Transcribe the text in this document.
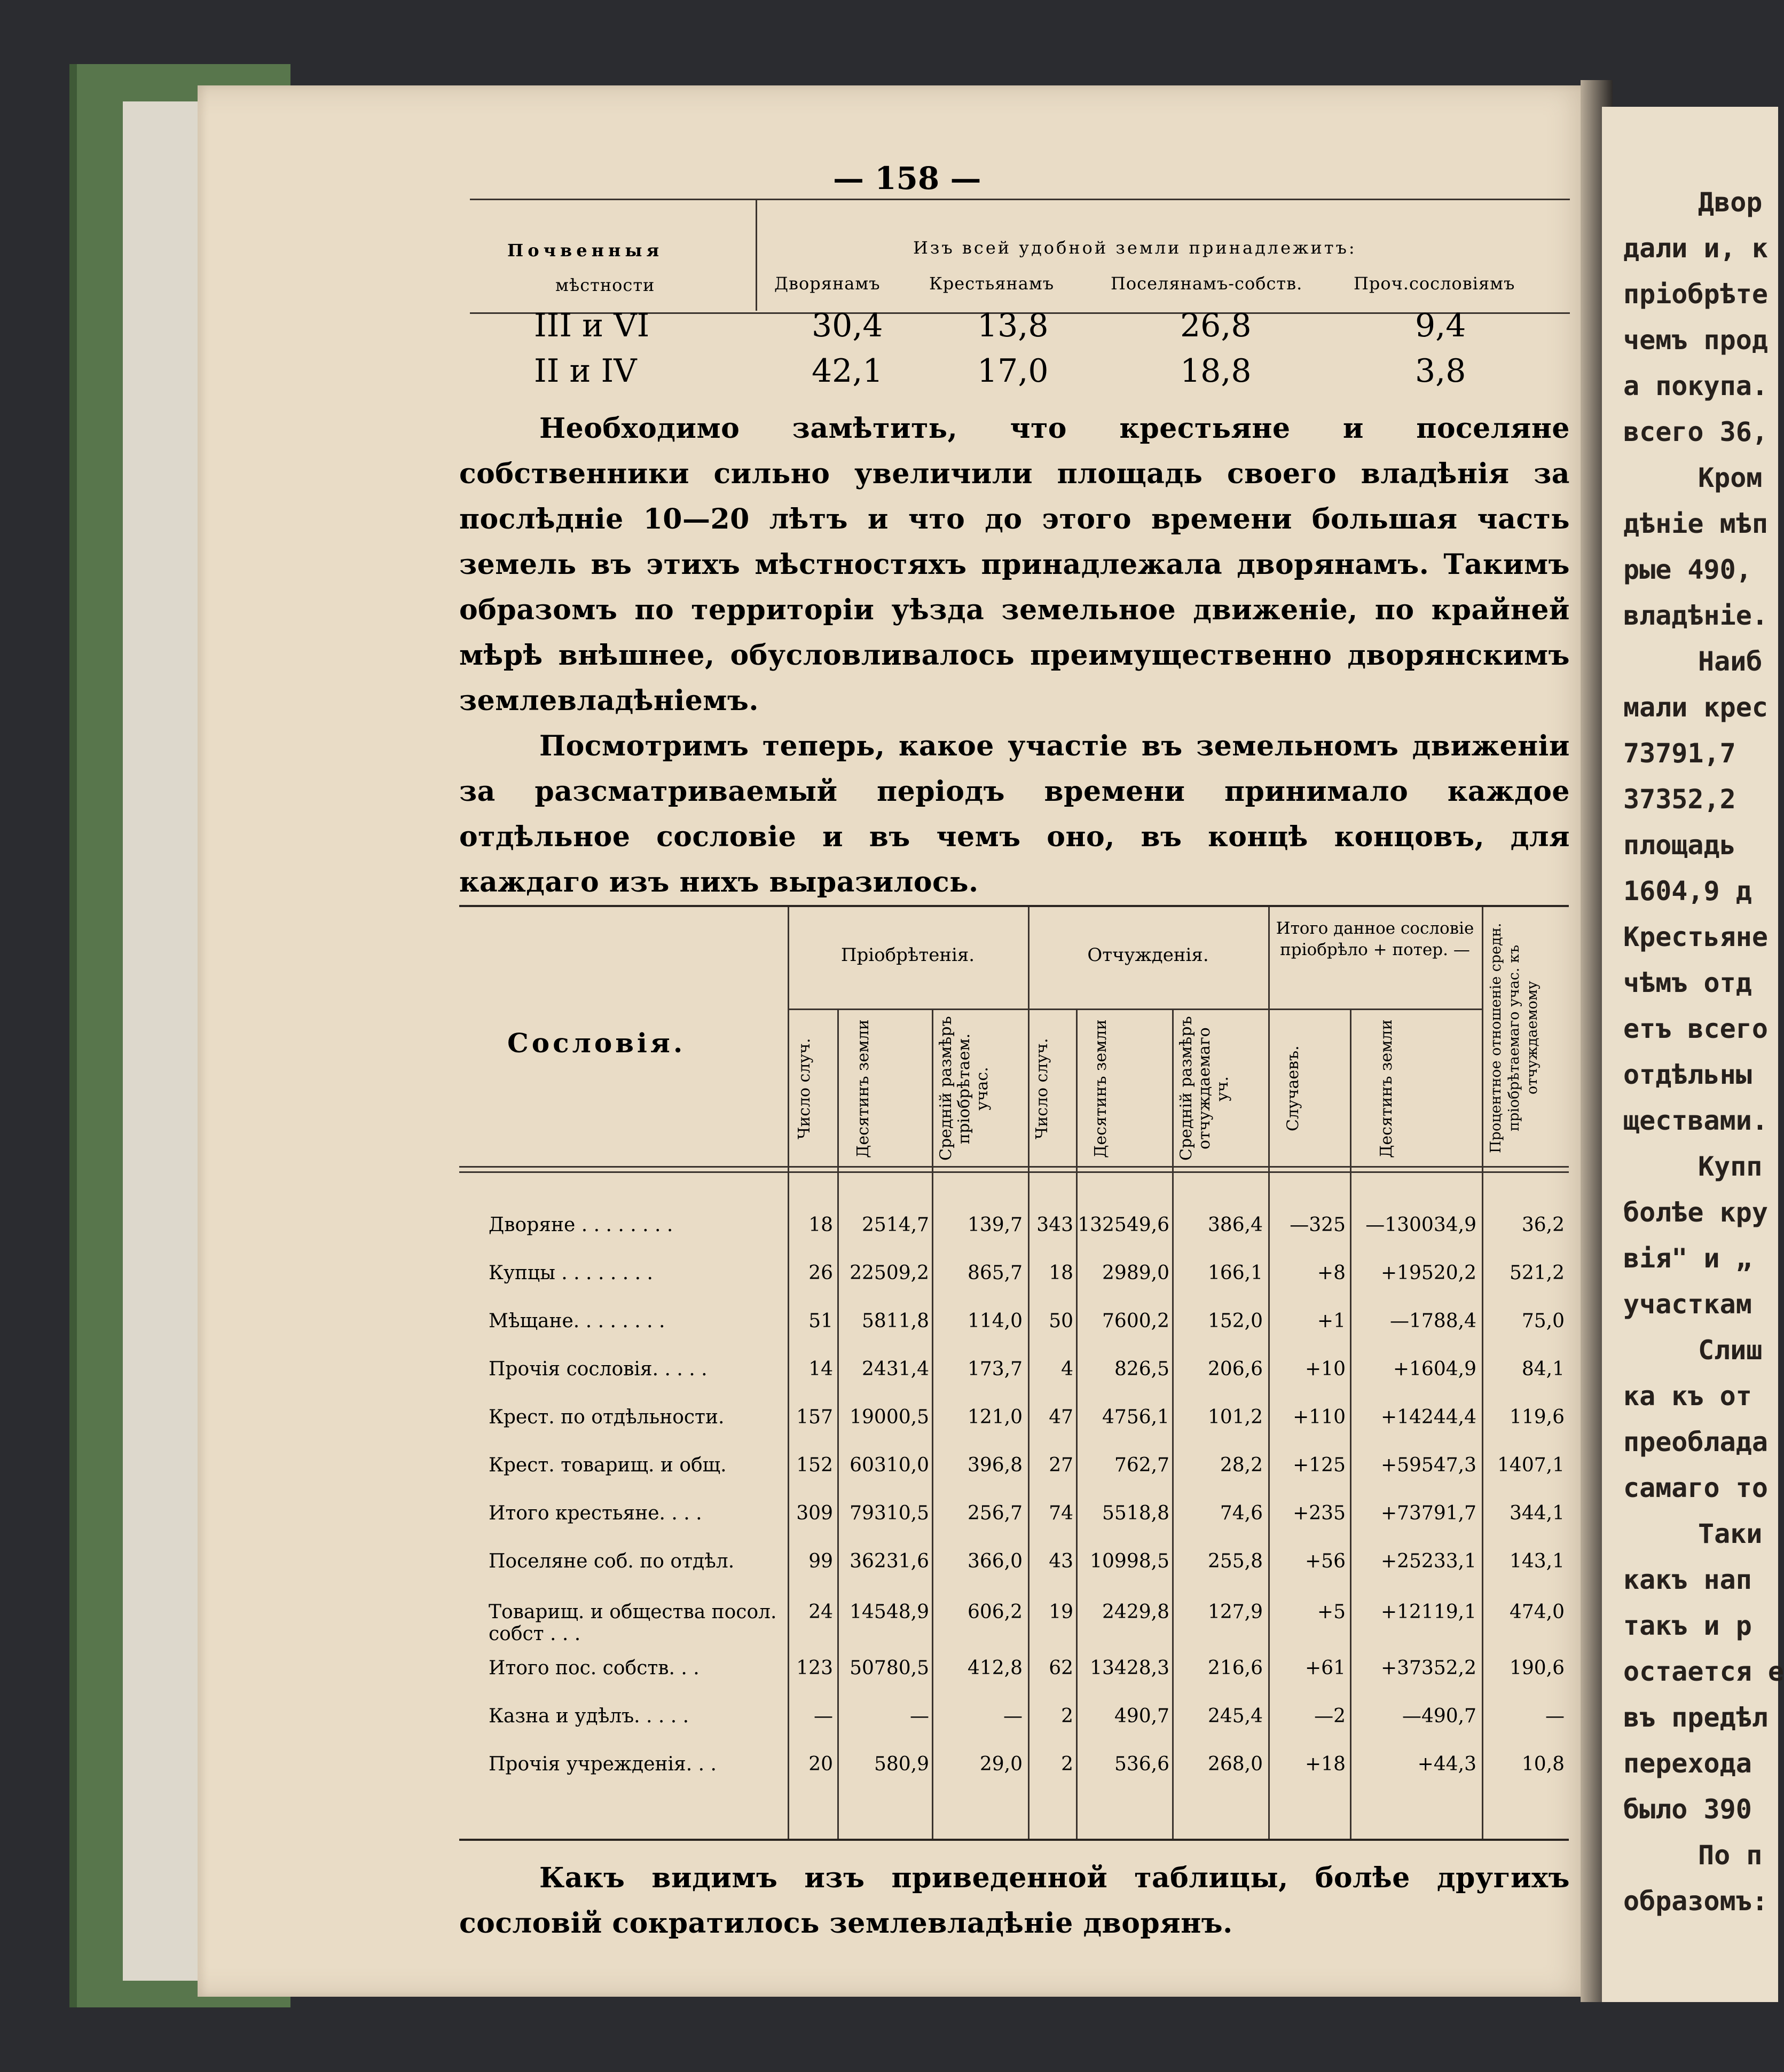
— 158 —
Почвенныя
мѣстности
Изъ всей удобной земли принадлежитъ:
Дворянамъ	Крестьянамъ	Поселянамъ-собств.	Проч.сословіямъ
III и VI	30,4	13,8	26,8	9,4
II и IV	42,1	17,0	18,8	3,8
Необходимо замѣтить, что крестьяне и поселяне собственники сильно увеличили площадь своего владѣнія за послѣдніе 10—20 лѣтъ и что до этого времени большая часть земель въ этихъ мѣстностяхъ принадлежала дворянамъ. Такимъ образомъ по территоріи уѣзда земельное движеніе, по крайней мѣрѣ внѣшнее, обусловливалось преимущественно дворянскимъ землевладѣніемъ.
Посмотримъ теперь, какое участіе въ земельномъ движеніи за разсматриваемый періодъ времени принимало каждое отдѣльное сословіе и въ чемъ оно, въ концѣ концовъ, для каждаго изъ нихъ выразилось.
Сословія.
Пріобрѣтенія.	Отчужденія.
Итого данное сословіе пріобрѣло + потер. —	Процентное отношеніе средн. пріобрѣтаемаго учас. къ отчуждаемому
Число случ.	Десятинъ земли	Средній размѣръ пріобрѣтаем. учас.	Число случ.	Десятинъ земли	Средній размѣръ отчуждаемаго уч.	Случаевъ.	Десятинъ земли
Дворяне . . . . . . . .	18 2514,7 139,7 343 132549,6 386,4 —325 —130034,9 36,2
Купцы . . . . . . . .	26 22509,2 865,7 18 2989,0 166,1	+8 +19520,2 521,2
Мѣщане. . . . . . . .	51 5811,8 114,0 50 7600,2 152,0	+1 —1788,4 75,0
Прочія сословія. . . . .	14 2431,4 173,7 4 826,5 206,6 +10 +1604,9 84,1
Крест. по отдѣльности.	157 19000,5 121,0 47 4756,1 101,2 +110 +14244,4 119,6
Крест. товарищ. и общ.	152 60310,0 396,8 27 762,7	28,2 +125 +59547,3 1407,1
Итого крестьяне. . . .	309 79310,5 256,7 74 5518,8	74,6 +235 +73791,7 344,1
Поселяне соб. по отдѣл.	99 36231,6 366,0 43 10998,5 255,8 +56 +25233,1 143,1
Товарищ. и общества посол. собст . . .
24 14548,9 606,2 19 2429,8 127,9	+5 +12119,1 474,0
Итого пос. собств. . .	123 50780,5 412,8 62 13428,3 216,6 +61 +37352,2 190,6
Казна и удѣлъ. . . . .	—	—	— 2 490,7 245,4	—2	—490,7	—
Прочія учрежденія. . .	20 580,9	29,0 2 536,6 268,0 +18	+44,3 10,8
Какъ видимъ изъ приведенной таблицы, болѣе другихъ сословій сократилось землевладѣніе дворянъ.
Двор
дали и, к
пріобрѣте
чемъ прод
а покупа.
всего 36,
Кром
дѣніе мѣп
рые 490,
владѣніе.
Наиб
мали крес
73791,7
37352,2
площадь
1604,9 д
Крестьяне
чѣмъ отд
етъ всего
отдѣльны
ществами.
Купп
болѣе кру
вія" и „
участкам
Слиш
ка къ от
преоблада
самаго то
Таки
какъ нап
такъ и р
остается е
въ предѣл
перехода
было 390
По п
образомъ:
